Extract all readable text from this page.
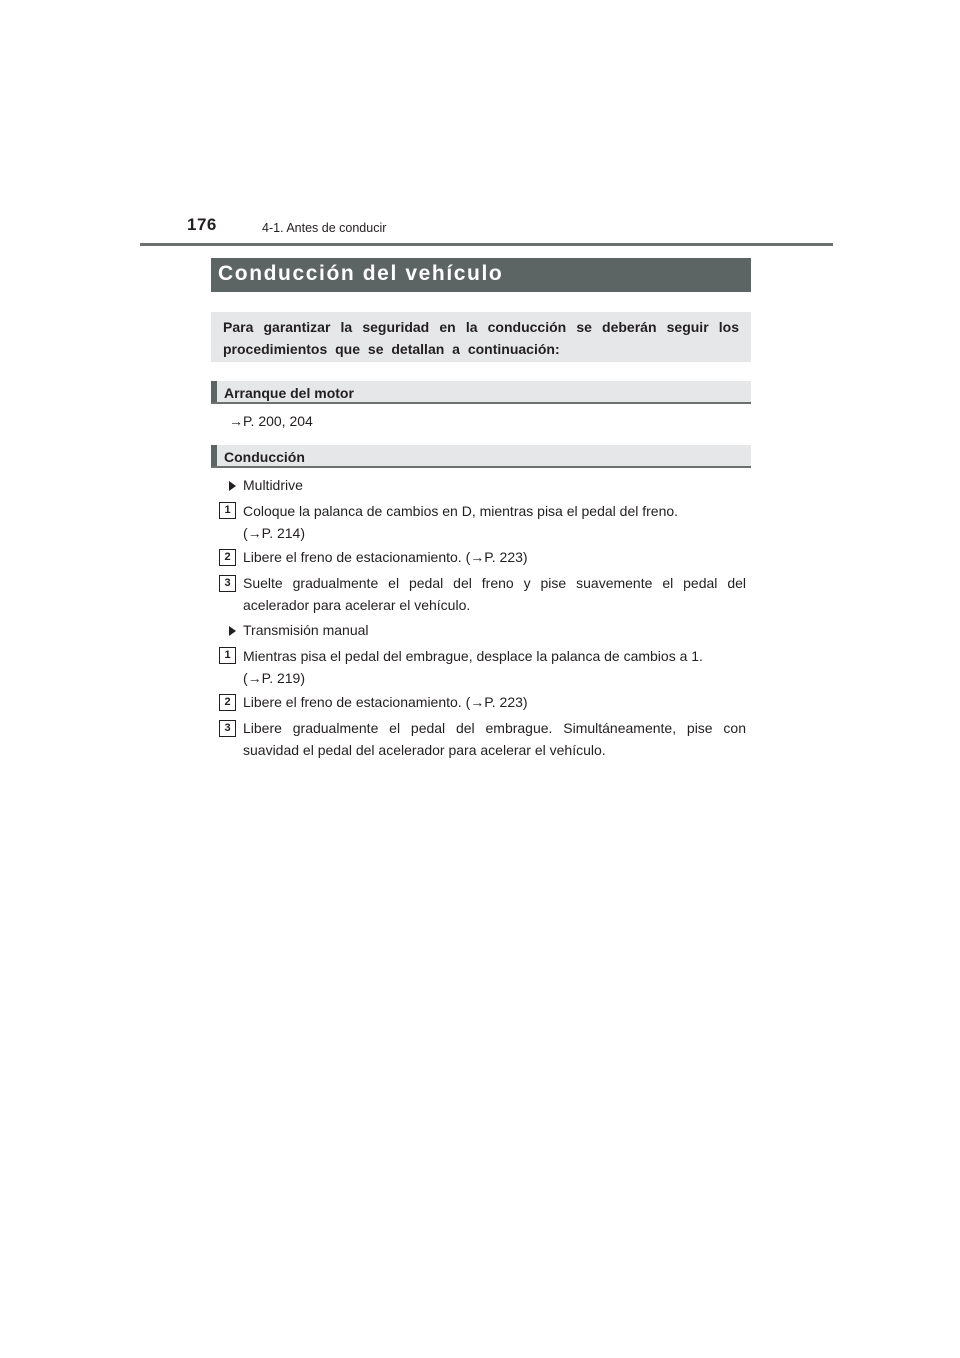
176	4-1. Antes de conducir
Conducción del vehículo
Para garantizar la seguridad en la conducción se deberán seguir los procedimientos que se detallan a continuación:
Arranque del motor
→P. 200, 204
Conducción
Multidrive
1 Coloque la palanca de cambios en D, mientras pisa el pedal del freno.
(→P. 214)
2 Libere el freno de estacionamiento. (→P. 223)
3 Suelte gradualmente el pedal del freno y pise suavemente el pedal del acelerador para acelerar el vehículo.
Transmisión manual
1 Mientras pisa el pedal del embrague, desplace la palanca de cambios a 1.
(→P. 219)
2 Libere el freno de estacionamiento. (→P. 223)
3 Libere gradualmente el pedal del embrague. Simultáneamente, pise con suavidad el pedal del acelerador para acelerar el vehículo.
